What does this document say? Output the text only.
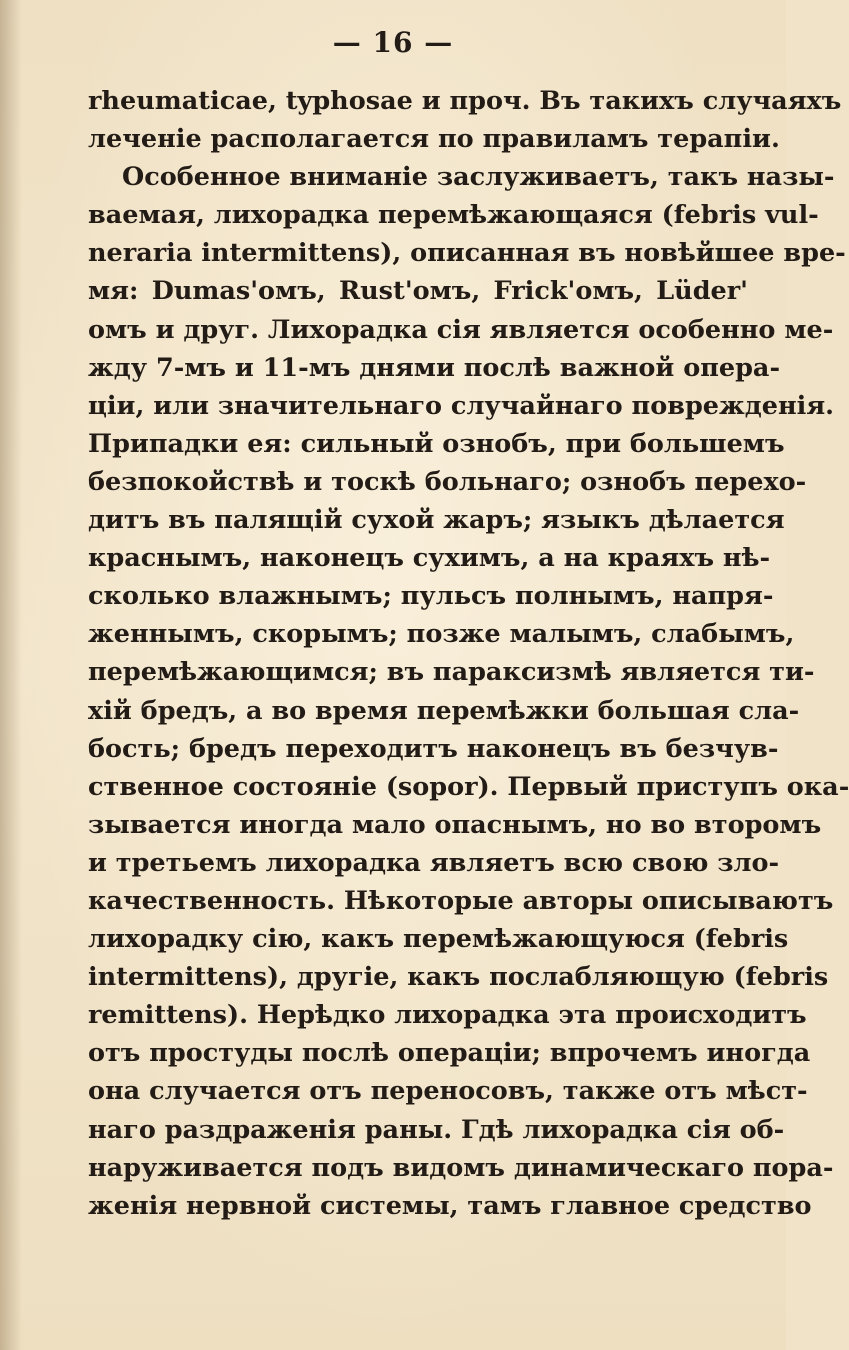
— 16 —
rheumaticae, typhosae и проч. Въ такихъ случаяхъ
леченіе располагается по правиламъ терапіи.
Особенное вниманіе заслуживаетъ, такъ назы-
ваемая, лихорадка перемѣжающаяся (febris vul-
neraria intermittens), описанная въ новѣйшее вре-
мя: Dumas'омъ, Rust'омъ, Frick'омъ, Lüder'
омъ и друг. Лихорадка сія является особенно ме-
жду 7-мъ и 11-мъ днями послѣ важной опера-
ціи, или значительнаго случайнаго поврежденія.
Припадки ея: сильный ознобъ, при большемъ
безпокойствѣ и тоскѣ больнаго; ознобъ перехо-
дитъ въ палящій сухой жаръ; языкъ дѣлается
краснымъ, наконецъ сухимъ, а на краяхъ нѣ-
сколько влажнымъ; пульсъ полнымъ, напря-
женнымъ, скорымъ; позже малымъ, слабымъ,
перемѣжающимся; въ параксизмѣ является ти-
хій бредъ, а во время перемѣжки большая сла-
бость; бредъ переходитъ наконецъ въ безчув-
ственное состояніе (sopor). Первый приступъ ока-
зывается иногда мало опаснымъ, но во второмъ
и третьемъ лихорадка являетъ всю свою зло-
качественность. Нѣкоторые авторы описываютъ
лихорадку сію, какъ перемѣжающуюся (febris
intermittens), другіе, какъ послабляющую (febris
remittens). Нерѣдко лихорадка эта происходитъ
отъ простуды послѣ операціи; впрочемъ иногда
она случается отъ переносовъ, также отъ мѣст-
наго раздраженія раны. Гдѣ лихорадка сія об-
наруживается подъ видомъ динамическаго пора-
женія нервной системы, тамъ главное средство
